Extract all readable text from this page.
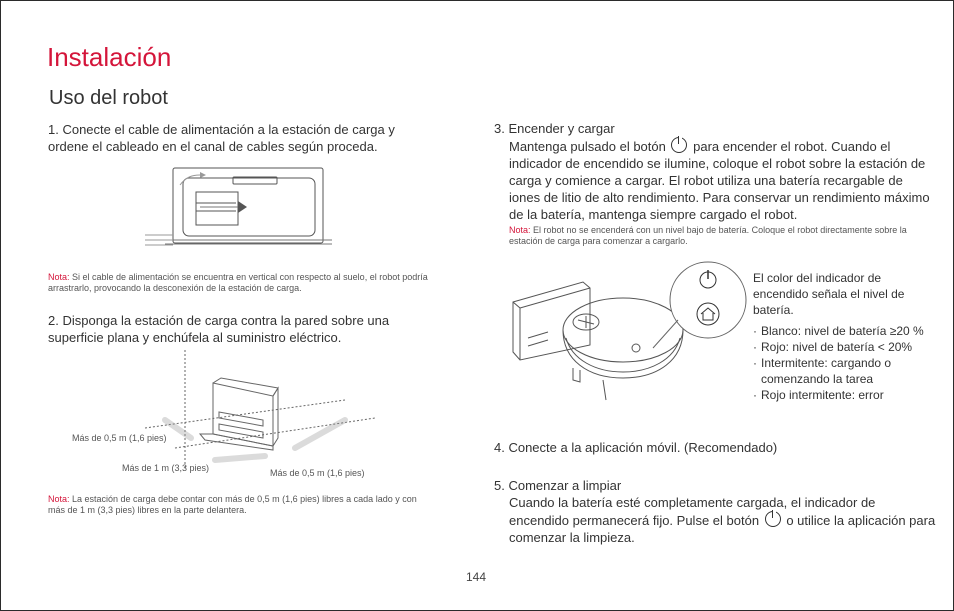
Instalación
Uso del robot
1. Conecte el cable de alimentación a la estación de carga y ordene el cableado en el canal de cables según proceda.
Nota: Si el cable de alimentación se encuentra en vertical con respecto al suelo, el robot podría arrastrarlo, provocando la desconexión de la estación de carga.
2. Disponga la estación de carga contra la pared sobre una superficie plana y enchúfela al suministro eléctrico.
Más de 0,5 m (1,6 pies)
Más de 1 m (3,3 pies)	Más de 0,5 m (1,6 pies)
Nota: La estación de carga debe contar con más de 0,5 m (1,6 pies) libres a cada lado y con más de 1 m (3,3 pies) libres en la parte delantera.
3. Encender y cargar
Mantenga pulsado el botón para encender el robot. Cuando el indicador de encendido se ilumine, coloque el robot sobre la estación de carga y comience a cargar. El robot utiliza una batería recargable de iones de litio de alto rendimiento. Para conservar un rendimiento máximo de la batería, mantenga siempre cargado el robot.
Nota: El robot no se encenderá con un nivel bajo de batería. Coloque el robot directamente sobre la estación de carga para comenzar a cargarlo.
El color del indicador de encendido señala el nivel de batería.
· Blanco: nivel de batería ≥20 %
· Rojo: nivel de batería < 20%
· Intermitente: cargando o comenzando la tarea
· Rojo intermitente: error
4. Conecte a la aplicación móvil. (Recomendado)
5. Comenzar a limpiar
Cuando la batería esté completamente cargada, el indicador de encendido permanecerá fijo. Pulse el botón o utilice la aplicación para comenzar la limpieza.
144
